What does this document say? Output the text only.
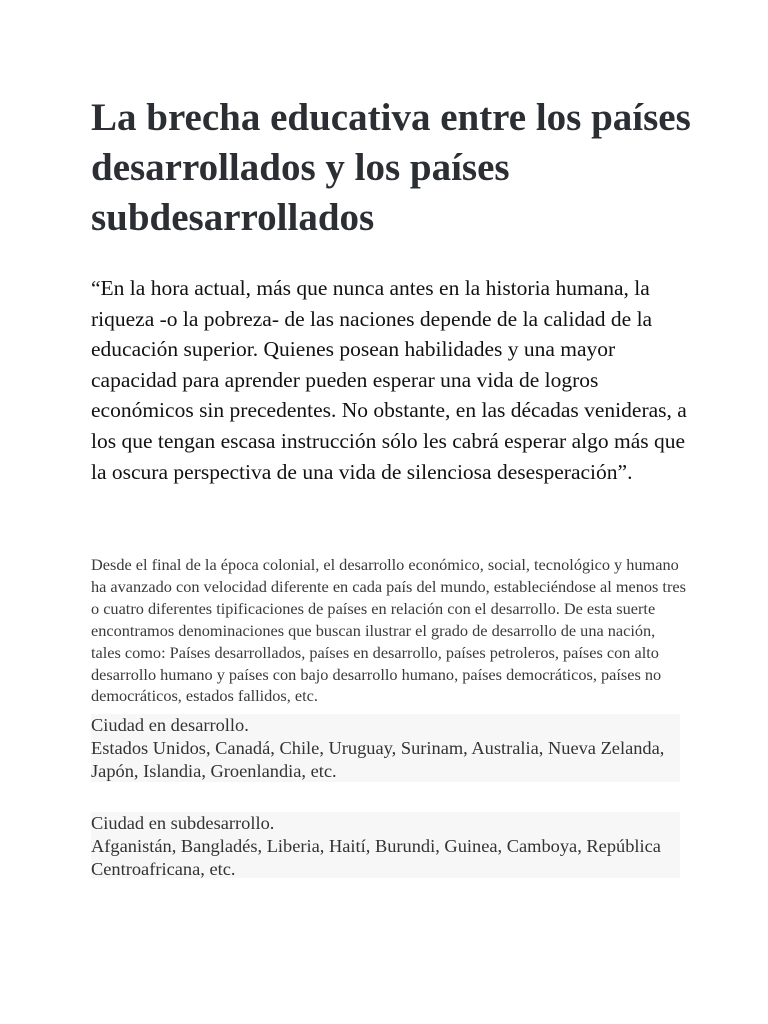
La brecha educativa entre los países desarrollados y los países subdesarrollados

“En la hora actual, más que nunca antes en la historia humana, la riqueza -o la pobreza- de las naciones depende de la calidad de la educación superior. Quienes posean habilidades y una mayor capacidad para aprender pueden esperar una vida de logros económicos sin precedentes. No obstante, en las décadas venideras, a los que tengan escasa instrucción sólo les cabrá esperar algo más que la oscura perspectiva de una vida de silenciosa desesperación”.

Desde el final de la época colonial, el desarrollo económico, social, tecnológico y humano ha avanzado con velocidad diferente en cada país del mundo, estableciéndose al menos tres o cuatro diferentes tipificaciones de países en relación con el desarrollo. De esta suerte encontramos denominaciones que buscan ilustrar el grado de desarrollo de una nación, tales como: Países desarrollados, países en desarrollo, países petroleros, países con alto desarrollo humano y países con bajo desarrollo humano, países democráticos, países no democráticos, estados fallidos, etc.

Ciudad en desarrollo.
Estados Unidos, Canadá, Chile, Uruguay, Surinam, Australia, Nueva Zelanda, Japón, Islandia, Groenlandia, etc.
Ciudad en subdesarrollo.
Afganistán, Bangladés, Liberia, Haití, Burundi, Guinea, Camboya, República Centroafricana, etc.
